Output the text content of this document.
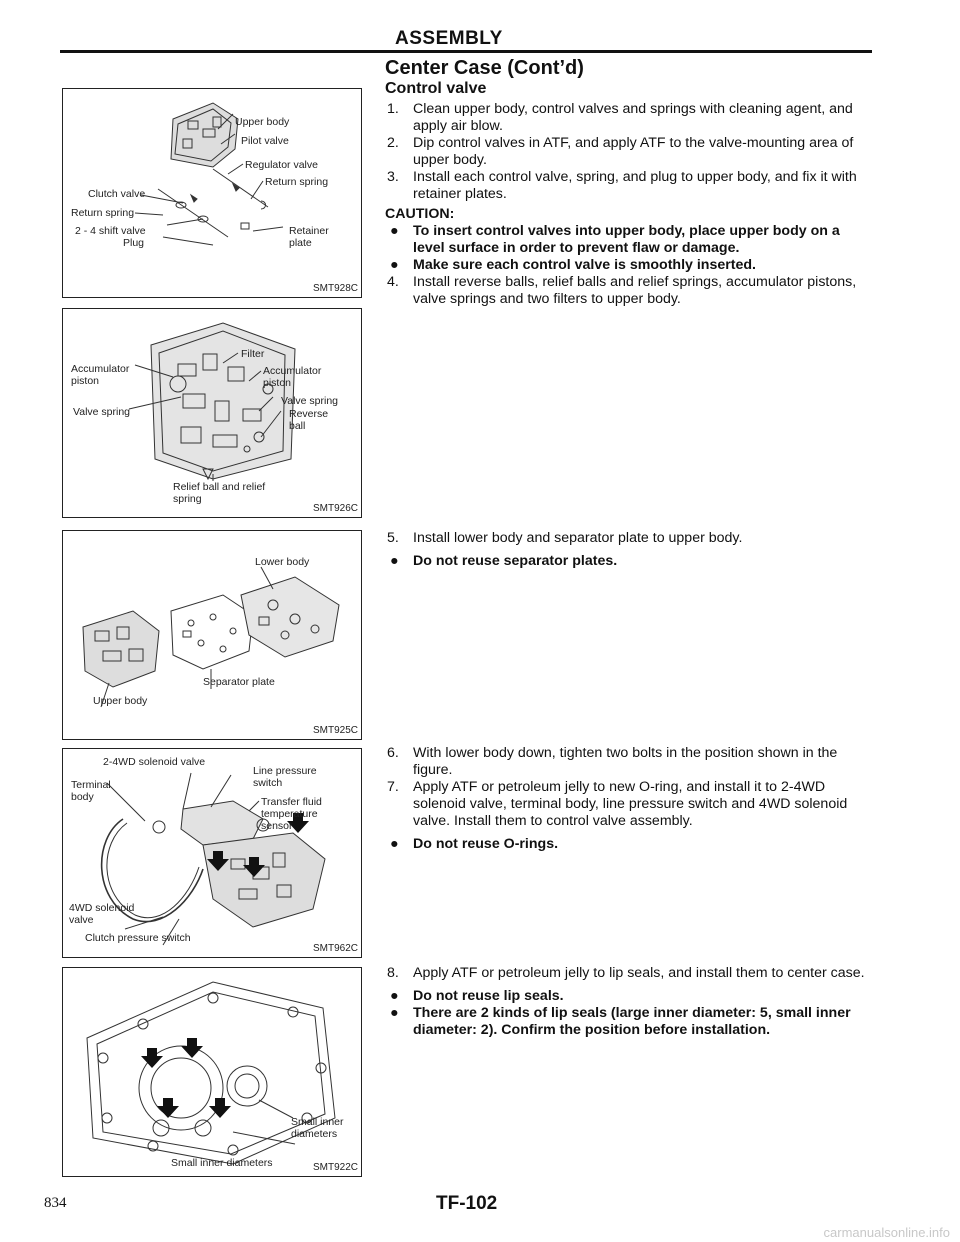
ASSEMBLY
Upper body
Pilot valve
Regulator valve
Return spring
Clutch valve
Return spring
2 - 4 shift valve
Plug
Retainer plate
SMT928C
Accumulator piston
Filter
Accumulator piston
Valve spring
Valve spring
Reverse ball
Relief ball and relief spring
SMT926C
Lower body
Separator plate
Upper body
SMT925C
2-4WD solenoid valve
Line pressure switch
Terminal body	Transfer fluid temperature sensor
4WD solenoid valve
Clutch pressure switch
SMT962C
Small inner diameters
Small inner diameters	SMT922C
Center Case (Cont’d)
Control valve
1. Clean upper body, control valves and springs with cleaning agent, and apply air blow.
2. Dip control valves in ATF, and apply ATF to the valve-mounting area of upper body.
3. Install each control valve, spring, and plug to upper body, and fix it with retainer plates.
CAUTION:
● To insert control valves into upper body, place upper body on a level surface in order to prevent flaw or damage.
● Make sure each control valve is smoothly inserted.
4. Install reverse balls, relief balls and relief springs, accumulator pistons, valve springs and two filters to upper body.
5. Install lower body and separator plate to upper body.
● Do not reuse separator plates.
6. With lower body down, tighten two bolts in the position shown in the figure.
7. Apply ATF or petroleum jelly to new O-ring, and install it to 2-4WD solenoid valve, terminal body, line pressure switch and 4WD solenoid valve. Install them to control valve assembly.
● Do not reuse O-rings.
8. Apply ATF or petroleum jelly to lip seals, and install them to center case.
● Do not reuse lip seals.
● There are 2 kinds of lip seals (large inner diameter: 5, small inner diameter: 2). Confirm the position before installation.
834	TF-102
carmanualsonline.info
